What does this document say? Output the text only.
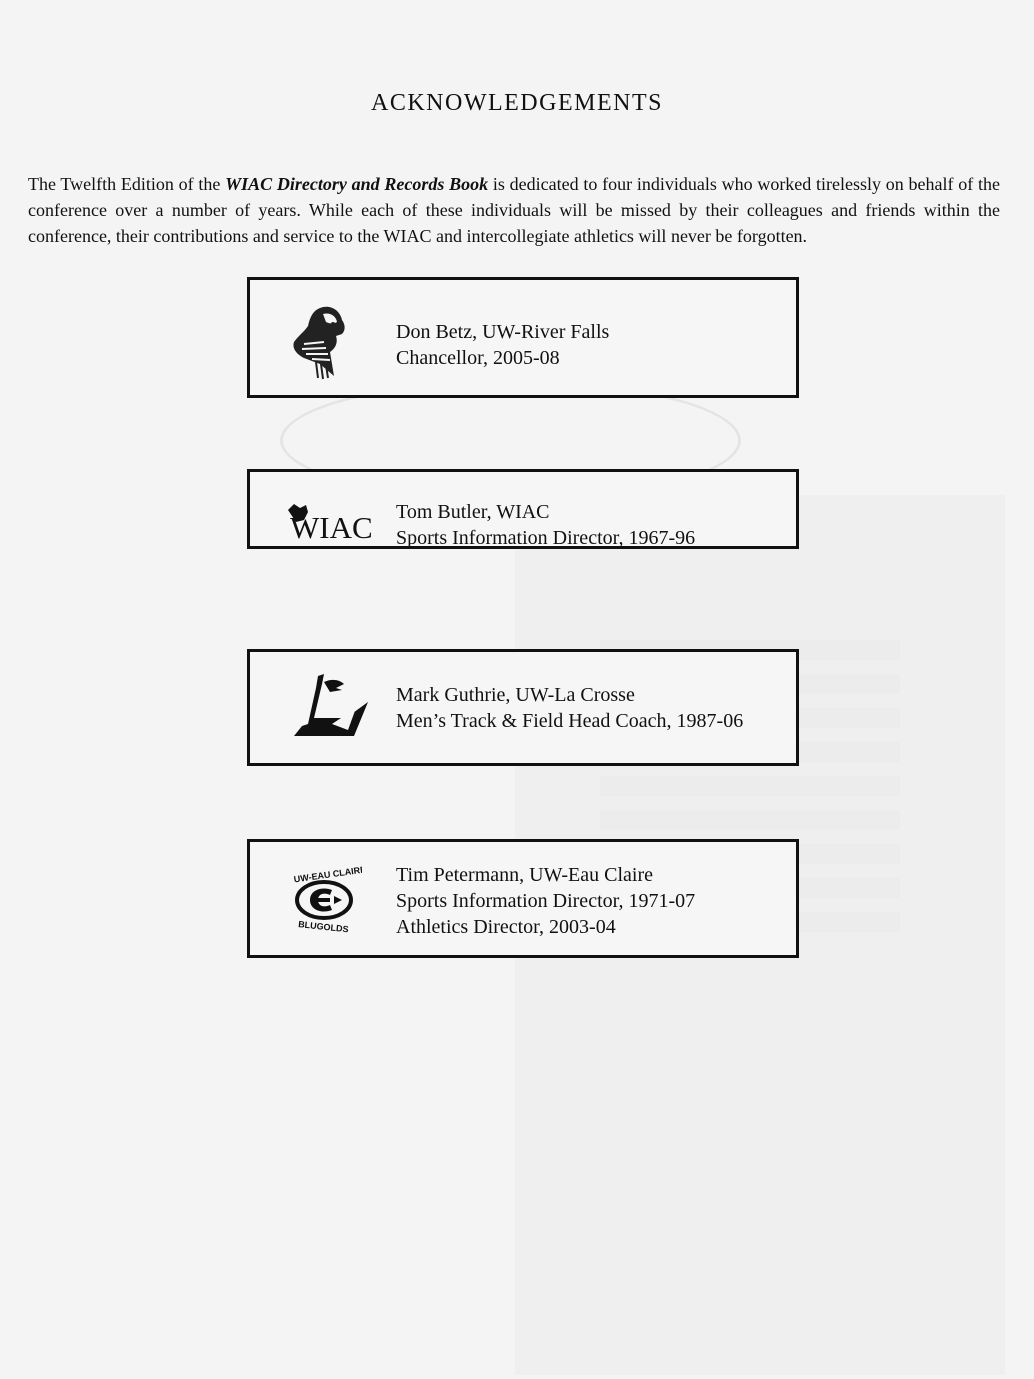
ACKNOWLEDGEMENTS

The Twelfth Edition of the WIAC Directory and Records Book is dedicated to four individuals who worked tirelessly on behalf of the conference over a number of years. While each of these individuals will be missed by their colleagues and friends within the conference, their contributions and service to the WIAC and intercollegiate athletics will never be forgotten.

Don Betz, UW-River Falls
Chancellor, 2005-08
WIAC Tom Butler, WIAC
Sports Information Director, 1967-96
Mark Guthrie, UW-La Crosse
Men’s Track & Field Head Coach, 1987-06
UW-EAU CLAIRE
BLUGOLDS
Tim Petermann, UW-Eau Claire
Sports Information Director, 1971-07
Athletics Director, 2003-04
